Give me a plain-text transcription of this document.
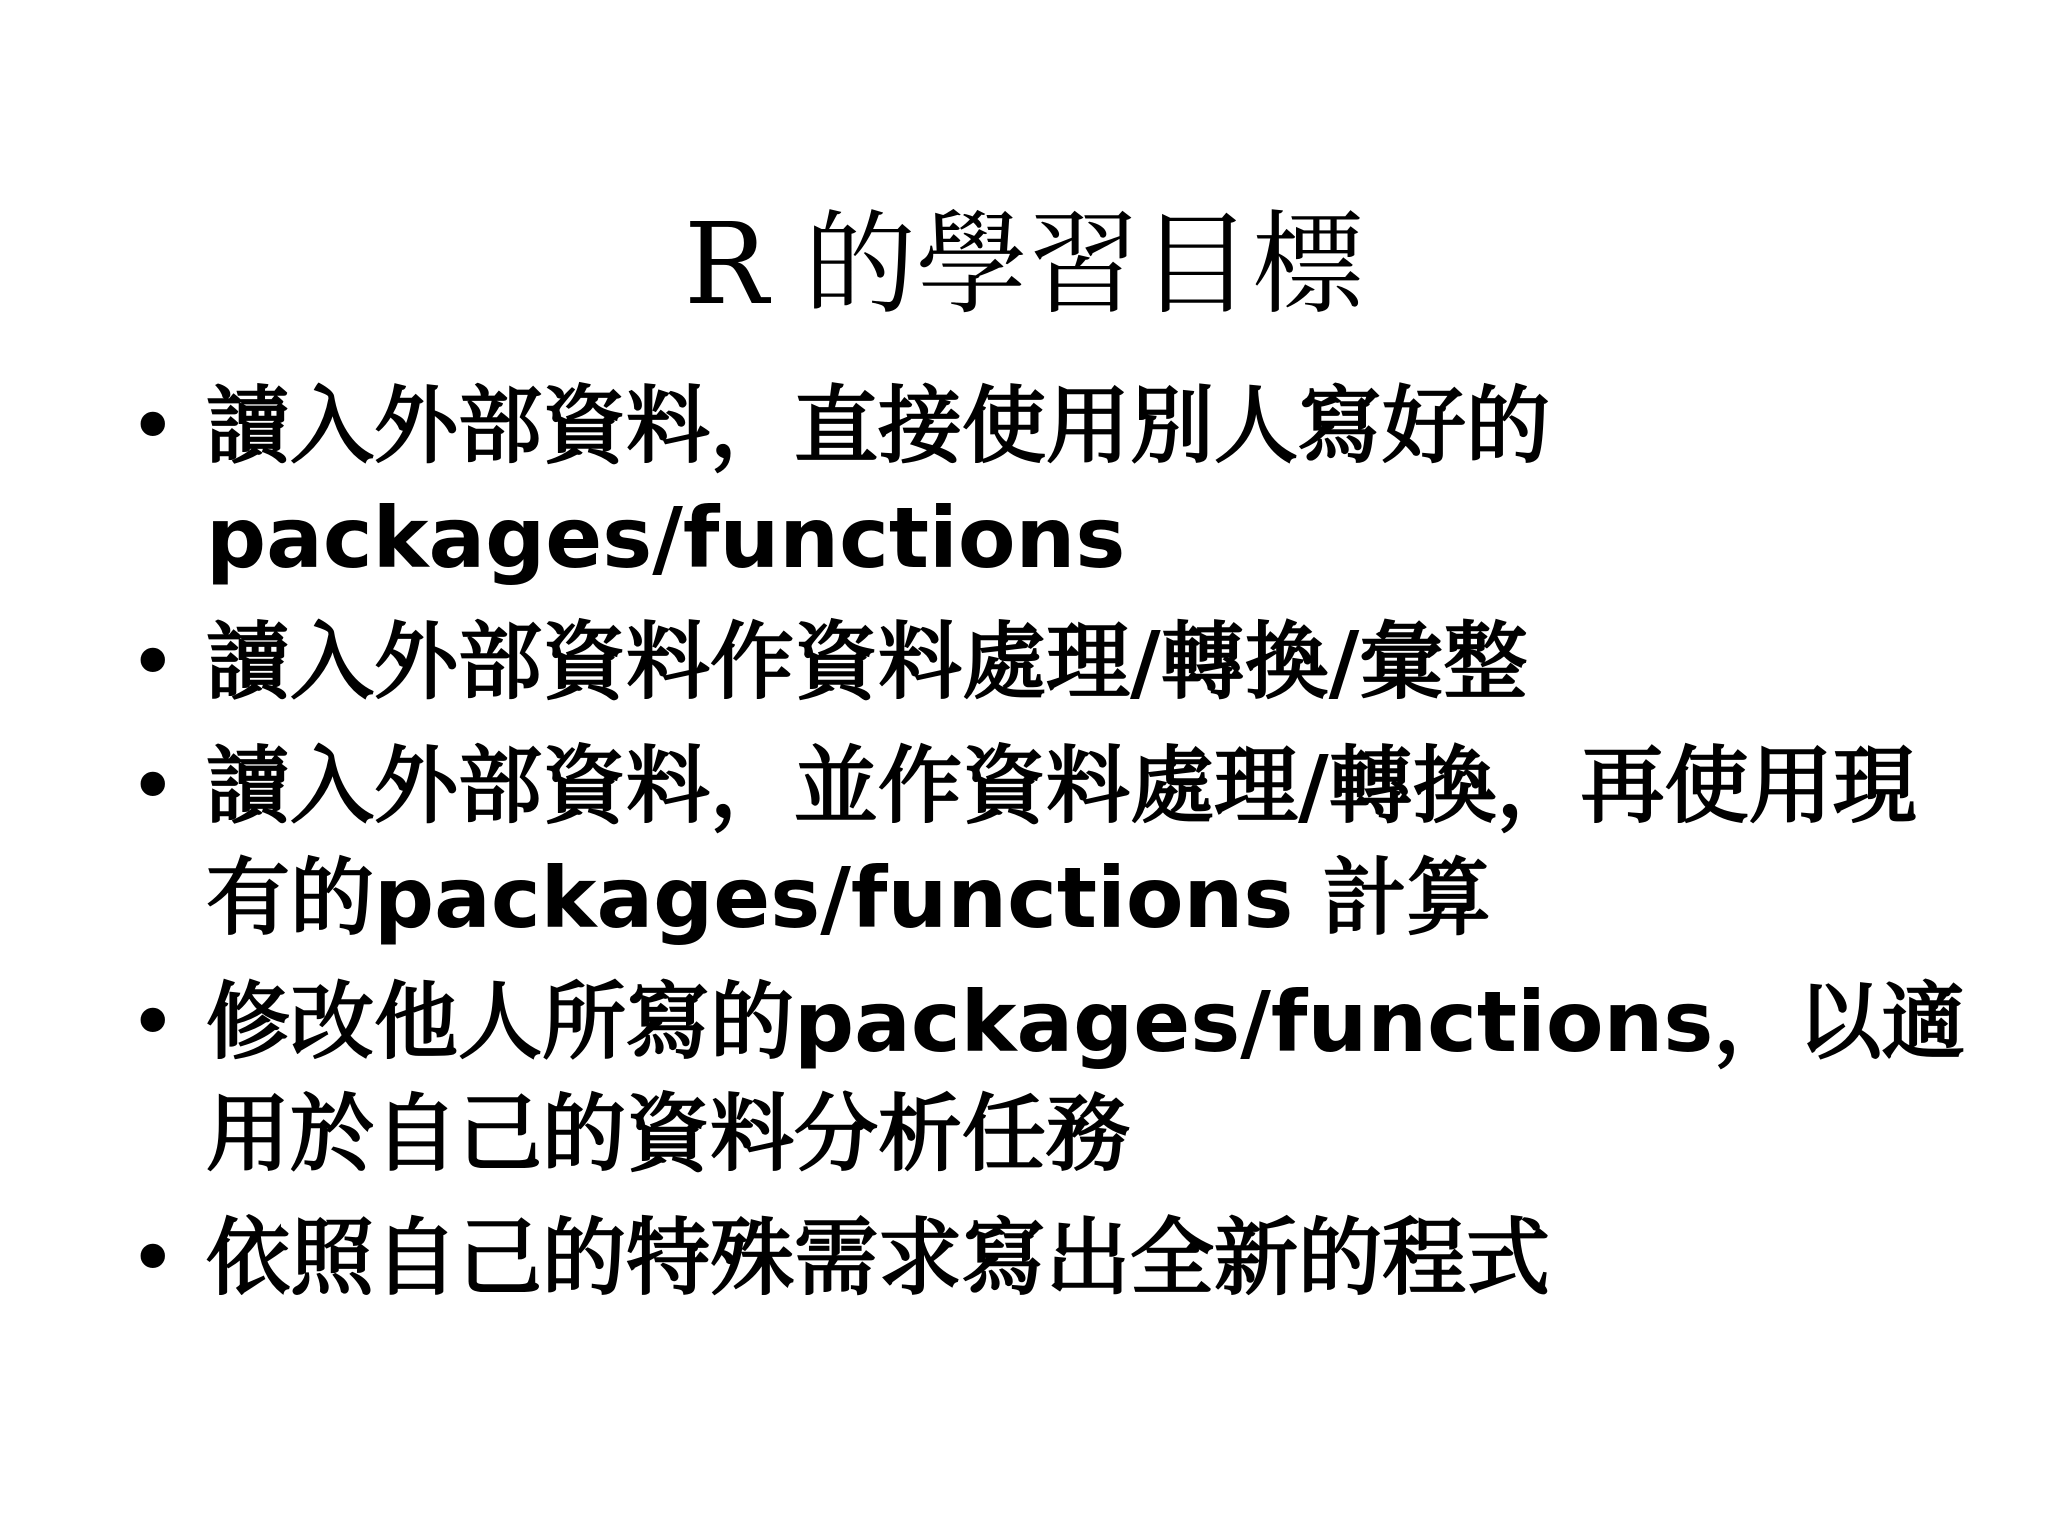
R 的學習目標
• 讀入外部資料，直接使用別人寫好的packages/functions
• 讀入外部資料作資料處理/轉換/彙整
• 讀入外部資料，並作資料處理/轉換，再使用現有的packages/functions 計算
• 修改他人所寫的packages/functions，以適用於自己的資料分析任務
• 依照自己的特殊需求寫出全新的程式
